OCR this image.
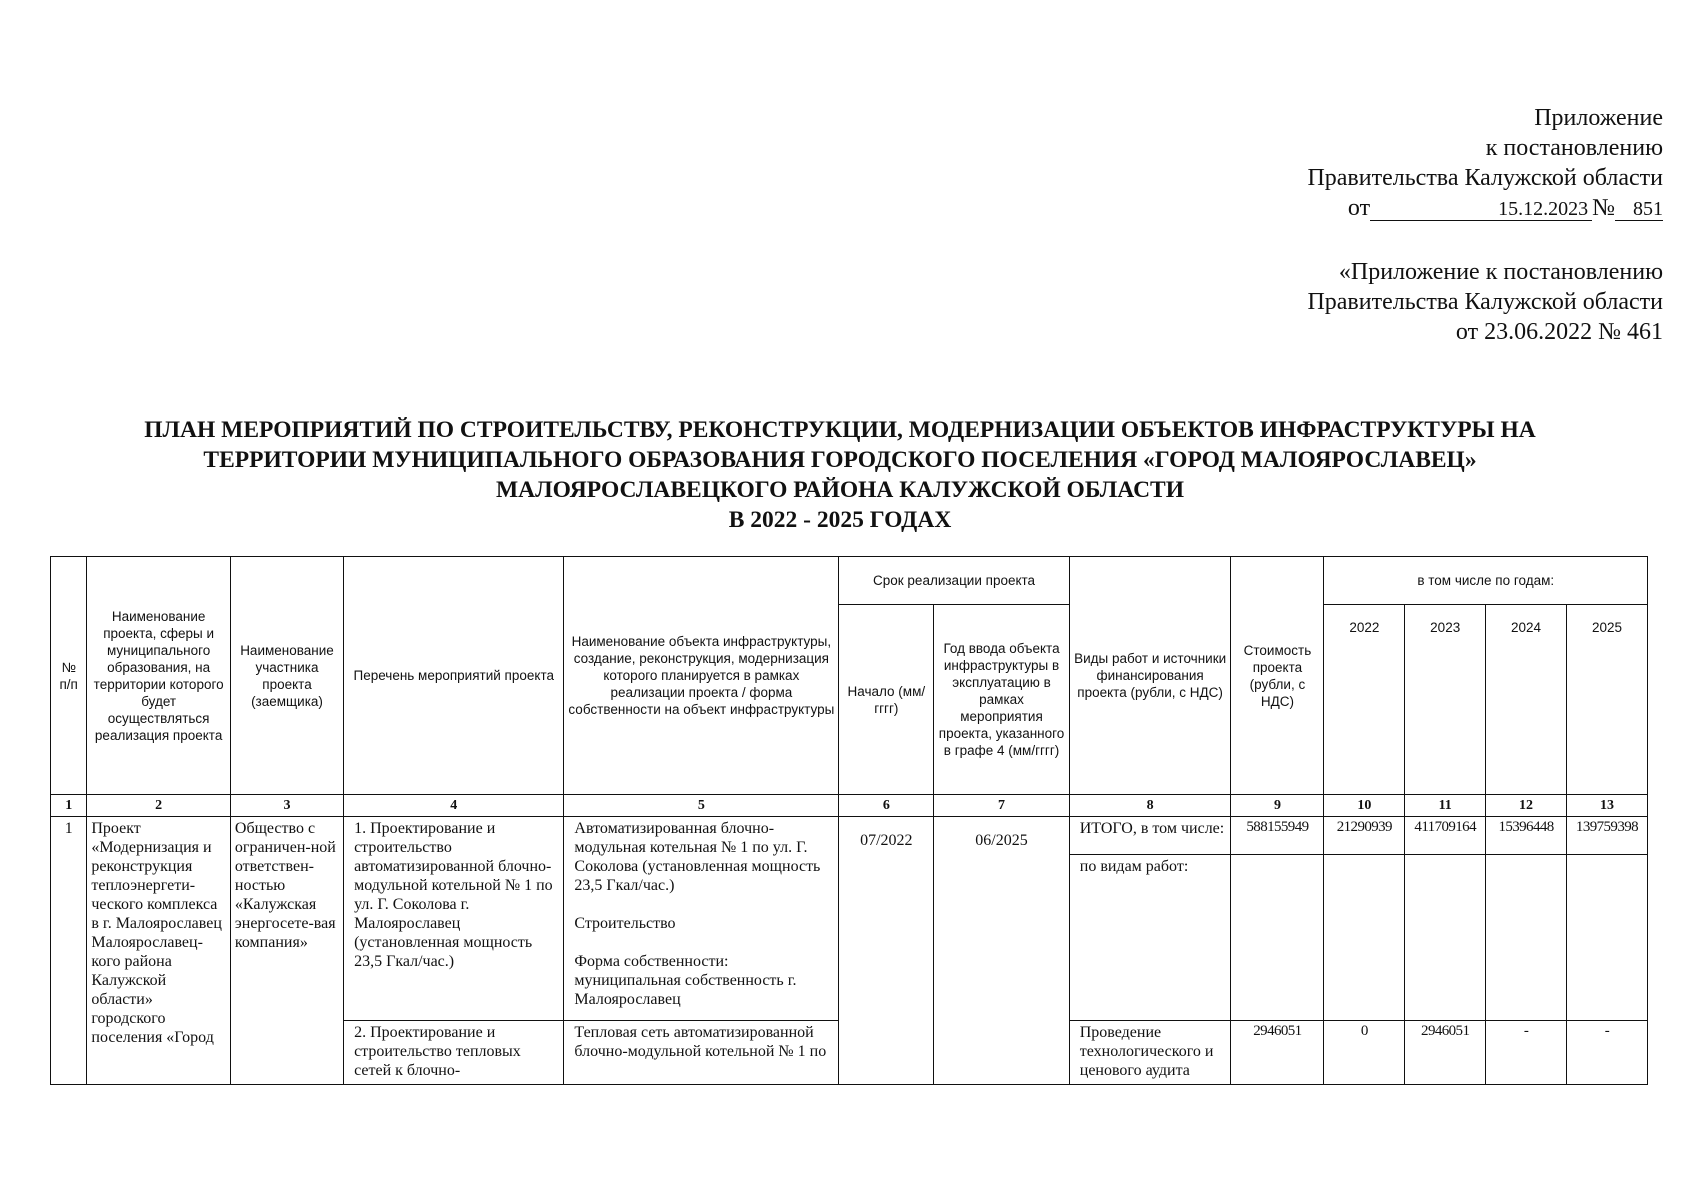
Приложение
к постановлению
Правительства Калужской области
от	15.12.2023 № 851
«Приложение к постановлению
Правительства Калужской области
от 23.06.2022 № 461
ПЛАН МЕРОПРИЯТИЙ ПО СТРОИТЕЛЬСТВУ, РЕКОНСТРУКЦИИ, МОДЕРНИЗАЦИИ ОБЪЕКТОВ ИНФРАСТРУКТУРЫ НА
ТЕРРИТОРИИ МУНИЦИПАЛЬНОГО ОБРАЗОВАНИЯ ГОРОДСКОГО ПОСЕЛЕНИЯ «ГОРОД МАЛОЯРОСЛАВЕЦ»
МАЛОЯРОСЛАВЕЦКОГО РАЙОНА КАЛУЖСКОЙ ОБЛАСТИ
В 2022 - 2025 ГОДАХ
№ п/п	Наименование проекта, сферы и муниципального образования, на территории которого будет осуществляться реализация проекта	Наименование участника проекта (заемщика)	Перечень мероприятий проекта	Наименование объекта инфраструктуры, создание, реконструкция, модернизация которого планируется в рамках реализации проекта / форма собственности на объект инфраструктуры	Срок реализации проекта		Виды работ и источники финансирования проекта (рубли, с НДС)	Стоимость проекта (рубли, с НДС)	в том числе по годам:			
					Начало (мм/гггг)	Год ввода объекта инфраструктуры в эксплуатацию в рамках мероприятия проекта, указанного в графе 4 (мм/гггг)			2022	2023	2024	2025
1	2	3	4	5	6	7	8	9	10	11	12	13
1	Проект «Модернизация и реконструкция теплоэнергети-ческого комплекса в г. Малоярославец Малоярославец-кого района Калужской области» городского поселения «Город	Общество с ограничен-ной ответствен-ностью «Калужская энергосете-вая компания»	1. Проектирование и строительство автоматизированной блочно-модульной котельной № 1 по ул. Г. Соколова г. Малоярославец (установленная мощность 23,5 Гкал/час.)	Автоматизированная блочно-модульная котельная № 1 по ул. Г. Соколова (установленная мощность 23,5 Гкал/час.)
Строительство
Форма собственности:
муниципальная собственность г. Малоярославец	07/2022	06/2025	ИТОГО, в том числе:	588155949	21290939	411709164	15396448	139759398
							по видам работ:					
			2. Проектирование и строительство тепловых сетей к блочно-	Тепловая сеть автоматизированной блочно-модульной котельной № 1 по			Проведение технологического и ценового аудита	2946051	0	2946051	-	-
